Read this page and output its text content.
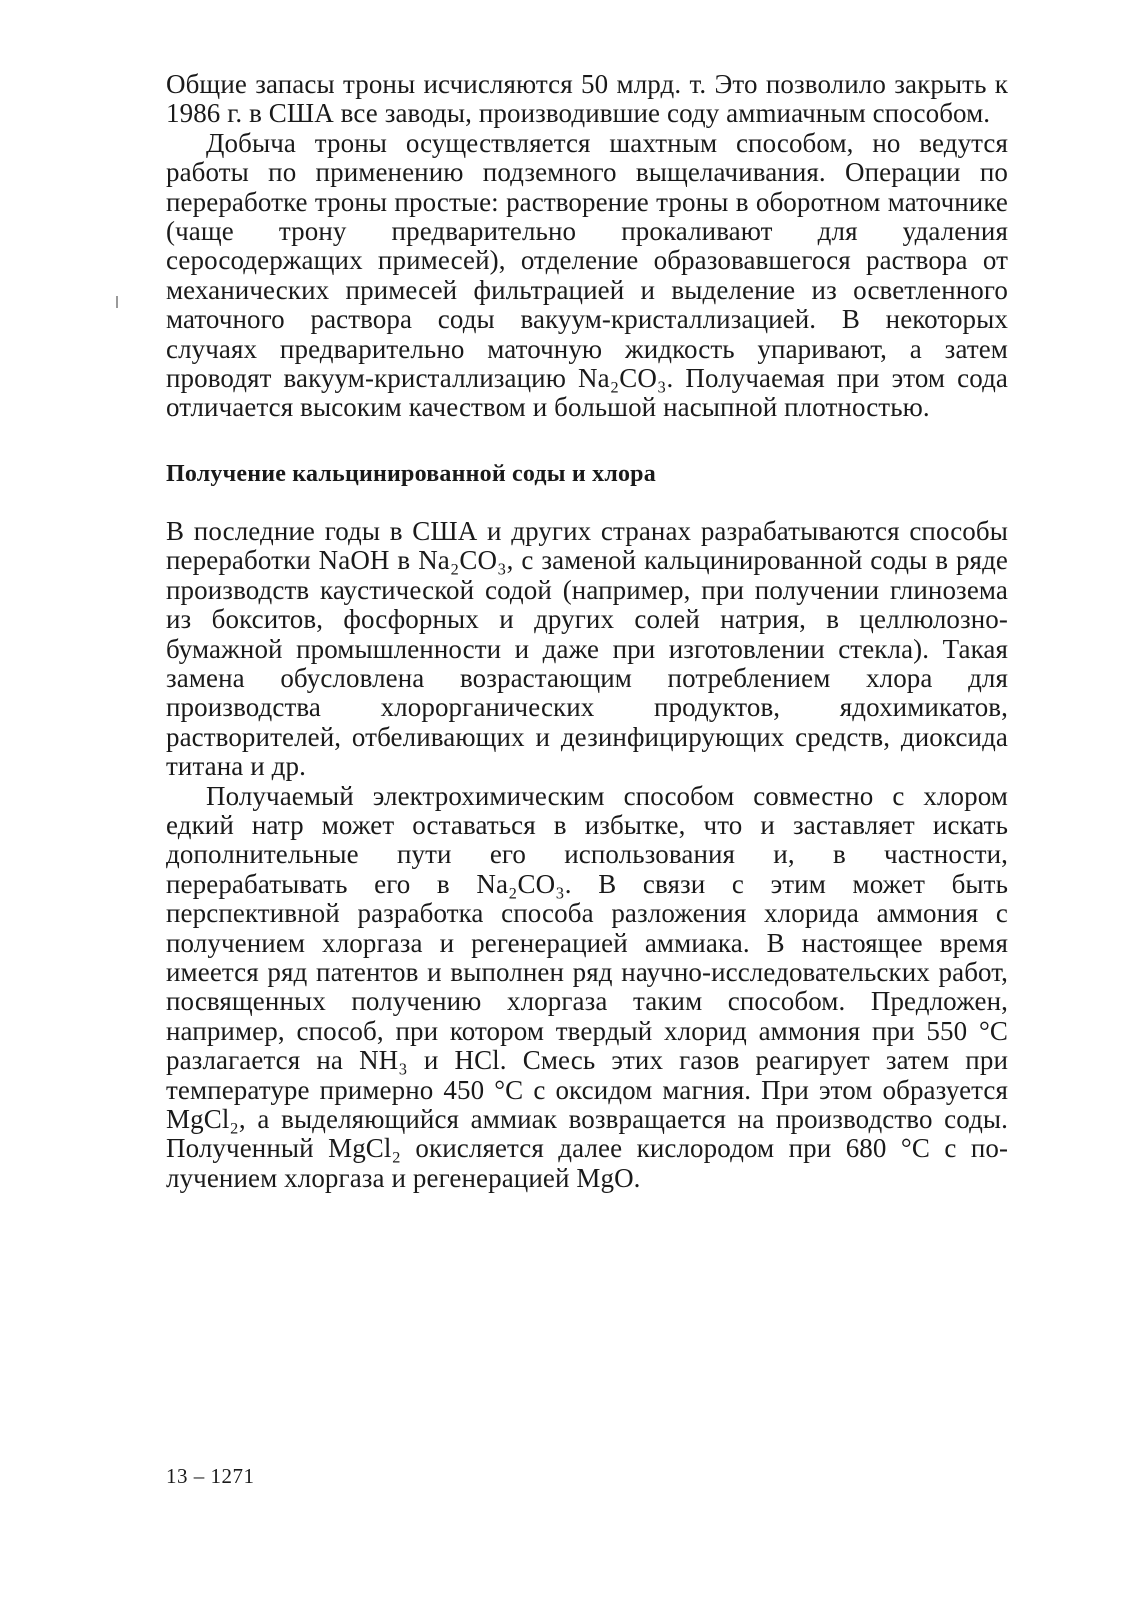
Общие запасы троны исчисляются 50 млрд. т. Это позволило закрыть к 1986 г. в США все заводы, производившие соду амmиачным способом.

Добыча троны осуществляется шахтным способом, но ведутся работы по применению подземного выщелачивания. Операции по переработке троны простые: растворение троны в оборотном маточнике (чаще трону предварительно прокаливают для удаления серосодержащих примесей), отделение образовавшегося раствора от механических примесей фильтрацией и выделение из осветленного маточного раствора соды вакуум-кристаллизацией. В некоторых случаях предварительно маточную жидкость упаривают, а затем проводят вакуум-кристаллизацию Na₂CO₃. Получаемая при этом сода отличается высоким качеством и большой насыпной плотностью.

Получение кальцинированной соды и хлора

В последние годы в США и других странах разрабатываются способы переработки NaOH в Na₂CO₃, с заменой кальцинированной соды в ряде производств каустической содой (например, при получении глинозема из бокситов, фосфорных и других солей натрия, в целлюлозно-бумажной промышленности и даже при изготовлении стекла). Такая замена обусловлена возрастающим потреблением хлора для производства хлорорганических продуктов, ядохимикатов, растворителей, отбеливающих и дезинфицирующих средств, диоксида титана и др.

Получаемый электрохимическим способом совместно с хлором едкий натр может оставаться в избытке, что и заставляет искать дополнительные пути его использования и, в частности, перерабатывать его в Na₂CO₃. В связи с этим может быть перспективной разработка способа разложения хлорида аммония с получением хлоргаза и регенерацией аммиака. В настоящее время имеется ряд патентов и выполнен ряд научно-исследовательских работ, посвященных получению хлоргаза таким способом. Предложен, например, способ, при котором твердый хлорид аммония при 550 °C разлагается на NH₃ и HCl. Смесь этих газов реагирует затем при температуре примерно 450 °C с оксидом магния. При этом образуется MgCl₂, а выделяющийся аммиак возвращается на производство соды. Полученный MgCl₂ окисляется далее кислородом при 680 °C с получением хлоргаза и регенерацией MgO.

13 – 1271
